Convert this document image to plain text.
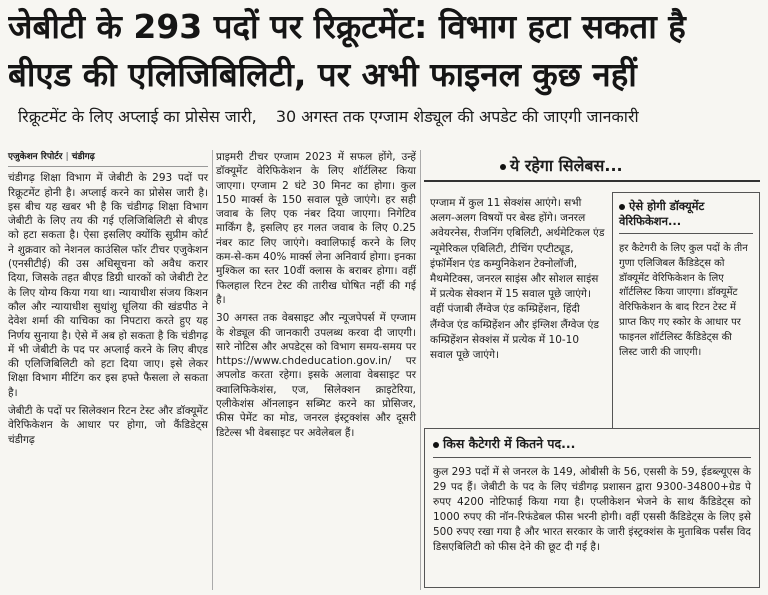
जेबीटी के 293 पदों पर रिक्रूटमेंट: विभाग हटा सकता है
बीएड की एलिजिबिलिटी, पर अभी फाइनल कुछ नहीं
रिक्रूटमेंट के लिए अप्लाई का प्रोसेस जारी, 30 अगस्त तक एग्जाम शेड्यूल की अपडेट की जाएगी जानकारी
एजुकेशन रिपोर्टर | चंडीगढ़

चंडीगढ़ शिक्षा विभाग में जेबीटी के 293 पदों पर रिक्रूटमेंट होनी है। अप्लाई करने का प्रोसेस जारी है। इस बीच यह खबर भी है कि चंडीगढ़ शिक्षा विभाग जेबीटी के लिए तय की गई एलिजिबिलिटी से बीएड को हटा सकता है। ऐसा इसलिए क्योंकि सुप्रीम कोर्ट ने शुक्रवार को नेशनल काउंसिल फॉर टीचर एजुकेशन (एनसीटीई) की उस अधिसूचना को अवैध करार दिया, जिसके तहत बीएड डिग्री धारकों को जेबीटी टेट के लिए योग्य किया गया था। न्यायाधीश संजय किशन कौल और न्यायाधीश सुधांशु धूलिया की खंडपीठ ने देवेश शर्मा की याचिका का निपटारा करते हुए यह निर्णय सुनाया है। ऐसे में अब हो सकता है कि चंडीगढ़ में भी जेबीटी के पद पर अप्लाई करने के लिए बीएड की एलिजिबिलिटी को हटा दिया जाए। इसे लेकर शिक्षा विभाग मीटिंग कर इस हफ्ते फैसला ले सकता है।

जेबीटी के पदों पर सिलेक्शन रिटन टेस्ट और डॉक्यूमेंट वेरिफिकेशन के आधार पर होगा, जो कैंडिडेट्स चंडीगढ़

प्राइमरी टीचर एग्जाम 2023 में सफल होंगे, उन्हें डॉक्यूमेंट वेरिफिकेशन के लिए शॉर्टलिस्ट किया जाएगा। एग्जाम 2 घंटे 30 मिनट का होगा। कुल 150 मार्क्स के 150 सवाल पूछे जाएंगे। हर सही जवाब के लिए एक नंबर दिया जाएगा। निगेटिव मार्किंग है, इसलिए हर गलत जवाब के लिए 0.25 नंबर काट लिए जाएंगे। क्वालिफाई करने के लिए कम-से-कम 40% मार्क्स लेना अनिवार्य होगा। इनका मुश्किल का स्तर 10वीं क्लास के बराबर होगा। वहीं फिलहाल रिटन टेस्ट की तारीख घोषित नहीं की गई है।

30 अगस्त तक वेबसाइट और न्यूजपेपर्स में एग्जाम के शेड्यूल की जानकारी उपलब्ध करवा दी जाएगी। सारे नोटिस और अपडेट्स को विभाग समय-समय पर https://www.chdeducation.gov.in/ पर अपलोड करता रहेगा। इसके अलावा वेबसाइट पर क्वालिफिकेशंस, एज, सिलेक्शन क्राइटेरिया, एलीकेशंस ऑनलाइन सब्मिट करने का प्रोसिजर, फीस पेमेंट का मोड, जनरल इंस्ट्रक्शंस और दूसरी डिटेल्स भी वेबसाइट पर अवेलेबल हैं।

ये रहेगा सिलेबस...
एग्जाम में कुल 11 सेक्शंस आएंगे। सभी अलग-अलग विषयों पर बेस्ड होंगे। जनरल अवेयरनेस, रीजनिंग एबिलिटी, अर्थमेटिकल एंड न्यूमेरिकल एबिलिटी, टीचिंग एप्टीट्यूड, इंफॉर्मेशन एंड कम्युनिकेशन टेक्नोलॉजी, मैथमेटिक्स, जनरल साइंस और सोशल साइंस में प्रत्येक सेक्शन में 15 सवाल पूछे जाएंगे। वहीं पंजाबी लैंग्वेज एंड कम्प्रिहेंशन, हिंदी लैंग्वेज एंड कम्प्रिहेंशन और इंग्लिश लैंग्वेज एंड कम्प्रिहेंशन सेक्शंस में प्रत्येक में 10-10 सवाल पूछे जाएंगे।
ऐसे होगी डॉक्यूमेंट वेरिफिकेशन...
हर कैटेगरी के लिए कुल पदों के तीन गुणा एलिजिबल कैंडिडेट्स को डॉक्यूमेंट वेरिफिकेशन के लिए शॉर्टलिस्ट किया जाएगा। डॉक्यूमेंट वेरिफिकेशन के बाद रिटन टेस्ट में प्राप्त किए गए स्कोर के आधार पर फाइनल शॉर्टलिस्ट कैंडिडेट्स की लिस्ट जारी की जाएगी।
किस कैटेगरी में कितने पद...
कुल 293 पदों में से जनरल के 149, ओबीसी के 56, एससी के 59, ईडब्ल्यूएस के 29 पद हैं। जेबीटी के पद के लिए चंडीगढ़ प्रशासन द्वारा 9300-34800+ग्रेड पे रुपए 4200 नोटिफाई किया गया है। एप्लीकेशन भेजने के साथ कैंडिडेट्स को 1000 रुपए की नॉन-रिफंडेबल फीस भरनी होगी। वहीं एससी कैंडिडेट्स के लिए इसे 500 रुपए रखा गया है और भारत सरकार के जारी इंस्ट्रक्शंस के मुताबिक पर्संस विद डिसएबिलिटी को फीस देने की छूट दी गई है।
